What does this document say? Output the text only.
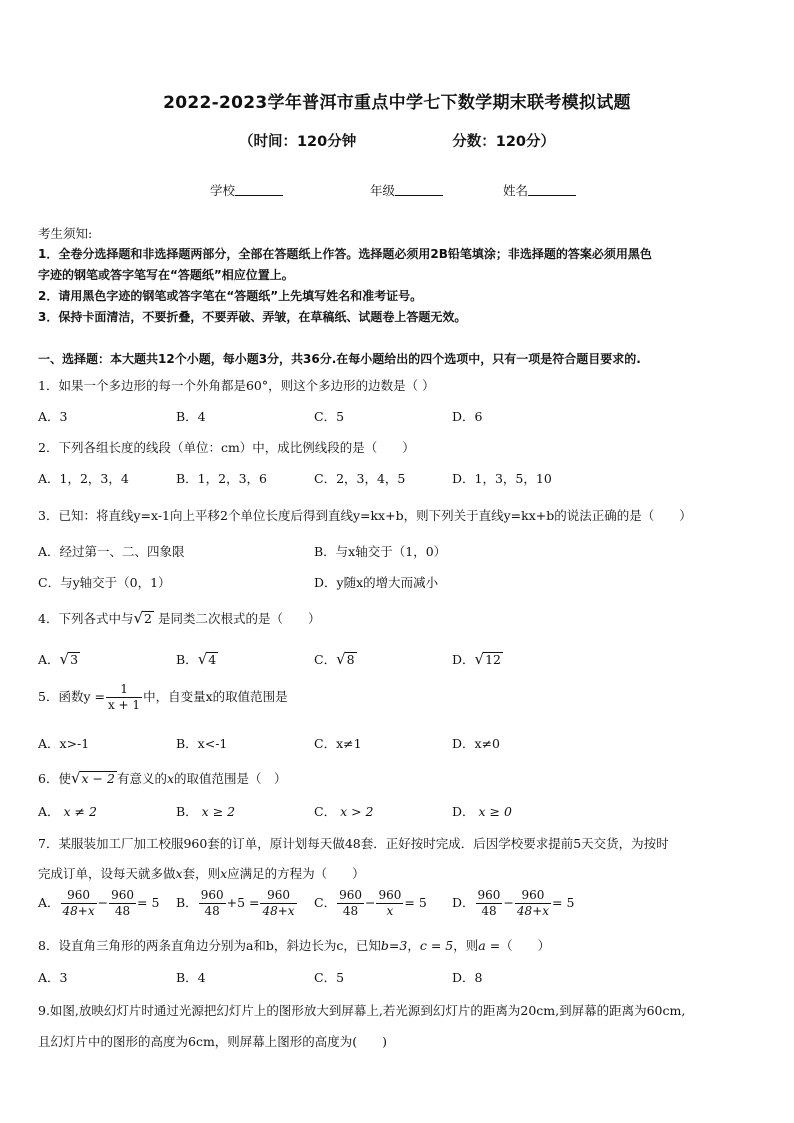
2022-2023学年普洱市重点中学七下数学期末联考模拟试题
（时间：120分钟	分数：120分）
学校	年级	姓名
考生须知:
1．全卷分选择题和非选择题两部分，全部在答题纸上作答。选择题必须用2B铅笔填涂；非选择题的答案必须用黑色
字迹的钢笔或答字笔写在“答题纸”相应位置上。
2．请用黑色字迹的钢笔或答字笔在“答题纸”上先填写姓名和准考证号。
3．保持卡面清洁，不要折叠，不要弄破、弄皱，在草稿纸、试题卷上答题无效。
一、选择题：本大题共12个小题，每小题3分，共36分.在每小题给出的四个选项中，只有一项是符合题目要求的.
1．如果一个多边形的每一个外角都是60°，则这个多边形的边数是（ ）
A．3	B．4	C．5	D．6
2．下列各组长度的线段（单位：cm）中，成比例线段的是（　　）
A．1，2，3，4	B．1，2，3，6	C．2，3，4，5	D．1，3，5，10
3．已知：将直线y=x-1向上平移2个单位长度后得到直线y=kx+b，则下列关于直线y=kx+b的说法正确的是（　　）
A．经过第一、二、四象限	B．与x轴交于（1，0）
C．与y轴交于（0，1）	D．y随x的增大而减小
4．下列各式中与√2 是同类二次根式的是（　　）
A．√3	B．√4	C．√8	D．√12
5．函数$y = \frac{1}{x + 1}$ 中，自变量x的取值范围是
A．x>-1	B．x<-1	C．x≠1	D．x≠0
6．使√x − 2 有意义的x的取值范围是（　）
A． x ≠ 2	B． x ≥ 2	C． x > 2	D． x ≥ 0
7．某服装加工厂加工校服960套的订单，原计划每天做48套．正好按时完成．后因学校要求提前5天交货，为按时
完成订单，设每天就多做x套，则x应满足的方程为（　　）
A． $\frac{960}{48+x} - \frac{960}{48} = 5$ B． $\frac{960}{48} +5 = \frac{960}{48+x}$ C． $\frac{960}{48} - \frac{960}{x} = 5$ D． $\frac{960}{48} - \frac{960}{48+x} = 5$
8．设直角三角形的两条直角边分别为a和b，斜边长为c，已知b=3，c = 5，则a =（　　）
A．3	B．4	C．5	D．8
9.如图,放映幻灯片时通过光源把幻灯片上的图形放大到屏幕上,若光源到幻灯片的距离为20cm,到屏幕的距离为60cm,
且幻灯片中的图形的高度为6cm，则屏幕上图形的高度为(　　)
